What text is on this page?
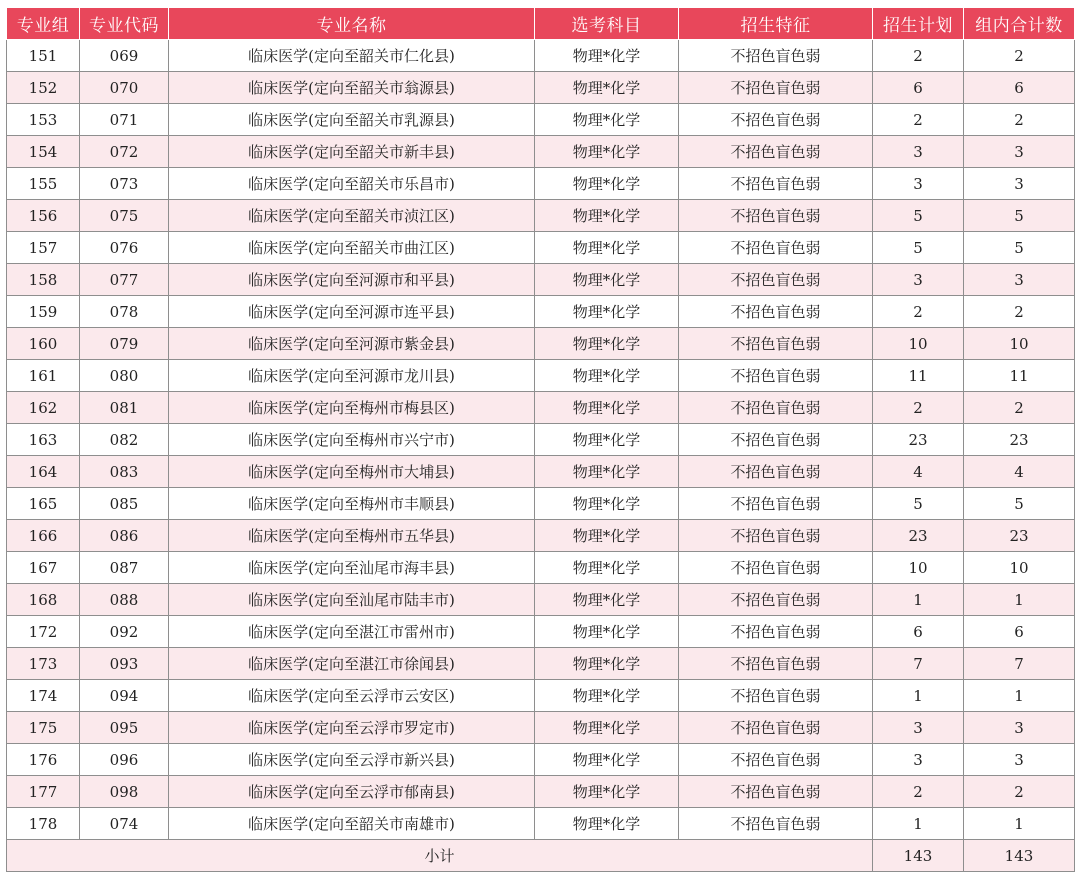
专业组	专业代码	专业名称	选考科目	招生特征	招生计划	组内合计数
151	069	临床医学(定向至韶关市仁化县)	物理*化学	不招色盲色弱	2	2
152	070	临床医学(定向至韶关市翁源县)	物理*化学	不招色盲色弱	6	6
153	071	临床医学(定向至韶关市乳源县)	物理*化学	不招色盲色弱	2	2
154	072	临床医学(定向至韶关市新丰县)	物理*化学	不招色盲色弱	3	3
155	073	临床医学(定向至韶关市乐昌市)	物理*化学	不招色盲色弱	3	3
156	075	临床医学(定向至韶关市浈江区)	物理*化学	不招色盲色弱	5	5
157	076	临床医学(定向至韶关市曲江区)	物理*化学	不招色盲色弱	5	5
158	077	临床医学(定向至河源市和平县)	物理*化学	不招色盲色弱	3	3
159	078	临床医学(定向至河源市连平县)	物理*化学	不招色盲色弱	2	2
160	079	临床医学(定向至河源市紫金县)	物理*化学	不招色盲色弱	10	10
161	080	临床医学(定向至河源市龙川县)	物理*化学	不招色盲色弱	11	11
162	081	临床医学(定向至梅州市梅县区)	物理*化学	不招色盲色弱	2	2
163	082	临床医学(定向至梅州市兴宁市)	物理*化学	不招色盲色弱	23	23
164	083	临床医学(定向至梅州市大埔县)	物理*化学	不招色盲色弱	4	4
165	085	临床医学(定向至梅州市丰顺县)	物理*化学	不招色盲色弱	5	5
166	086	临床医学(定向至梅州市五华县)	物理*化学	不招色盲色弱	23	23
167	087	临床医学(定向至汕尾市海丰县)	物理*化学	不招色盲色弱	10	10
168	088	临床医学(定向至汕尾市陆丰市)	物理*化学	不招色盲色弱	1	1
172	092	临床医学(定向至湛江市雷州市)	物理*化学	不招色盲色弱	6	6
173	093	临床医学(定向至湛江市徐闻县)	物理*化学	不招色盲色弱	7	7
174	094	临床医学(定向至云浮市云安区)	物理*化学	不招色盲色弱	1	1
175	095	临床医学(定向至云浮市罗定市)	物理*化学	不招色盲色弱	3	3
176	096	临床医学(定向至云浮市新兴县)	物理*化学	不招色盲色弱	3	3
177	098	临床医学(定向至云浮市郁南县)	物理*化学	不招色盲色弱	2	2
178	074	临床医学(定向至韶关市南雄市)	物理*化学	不招色盲色弱	1	1
小计					143	143
